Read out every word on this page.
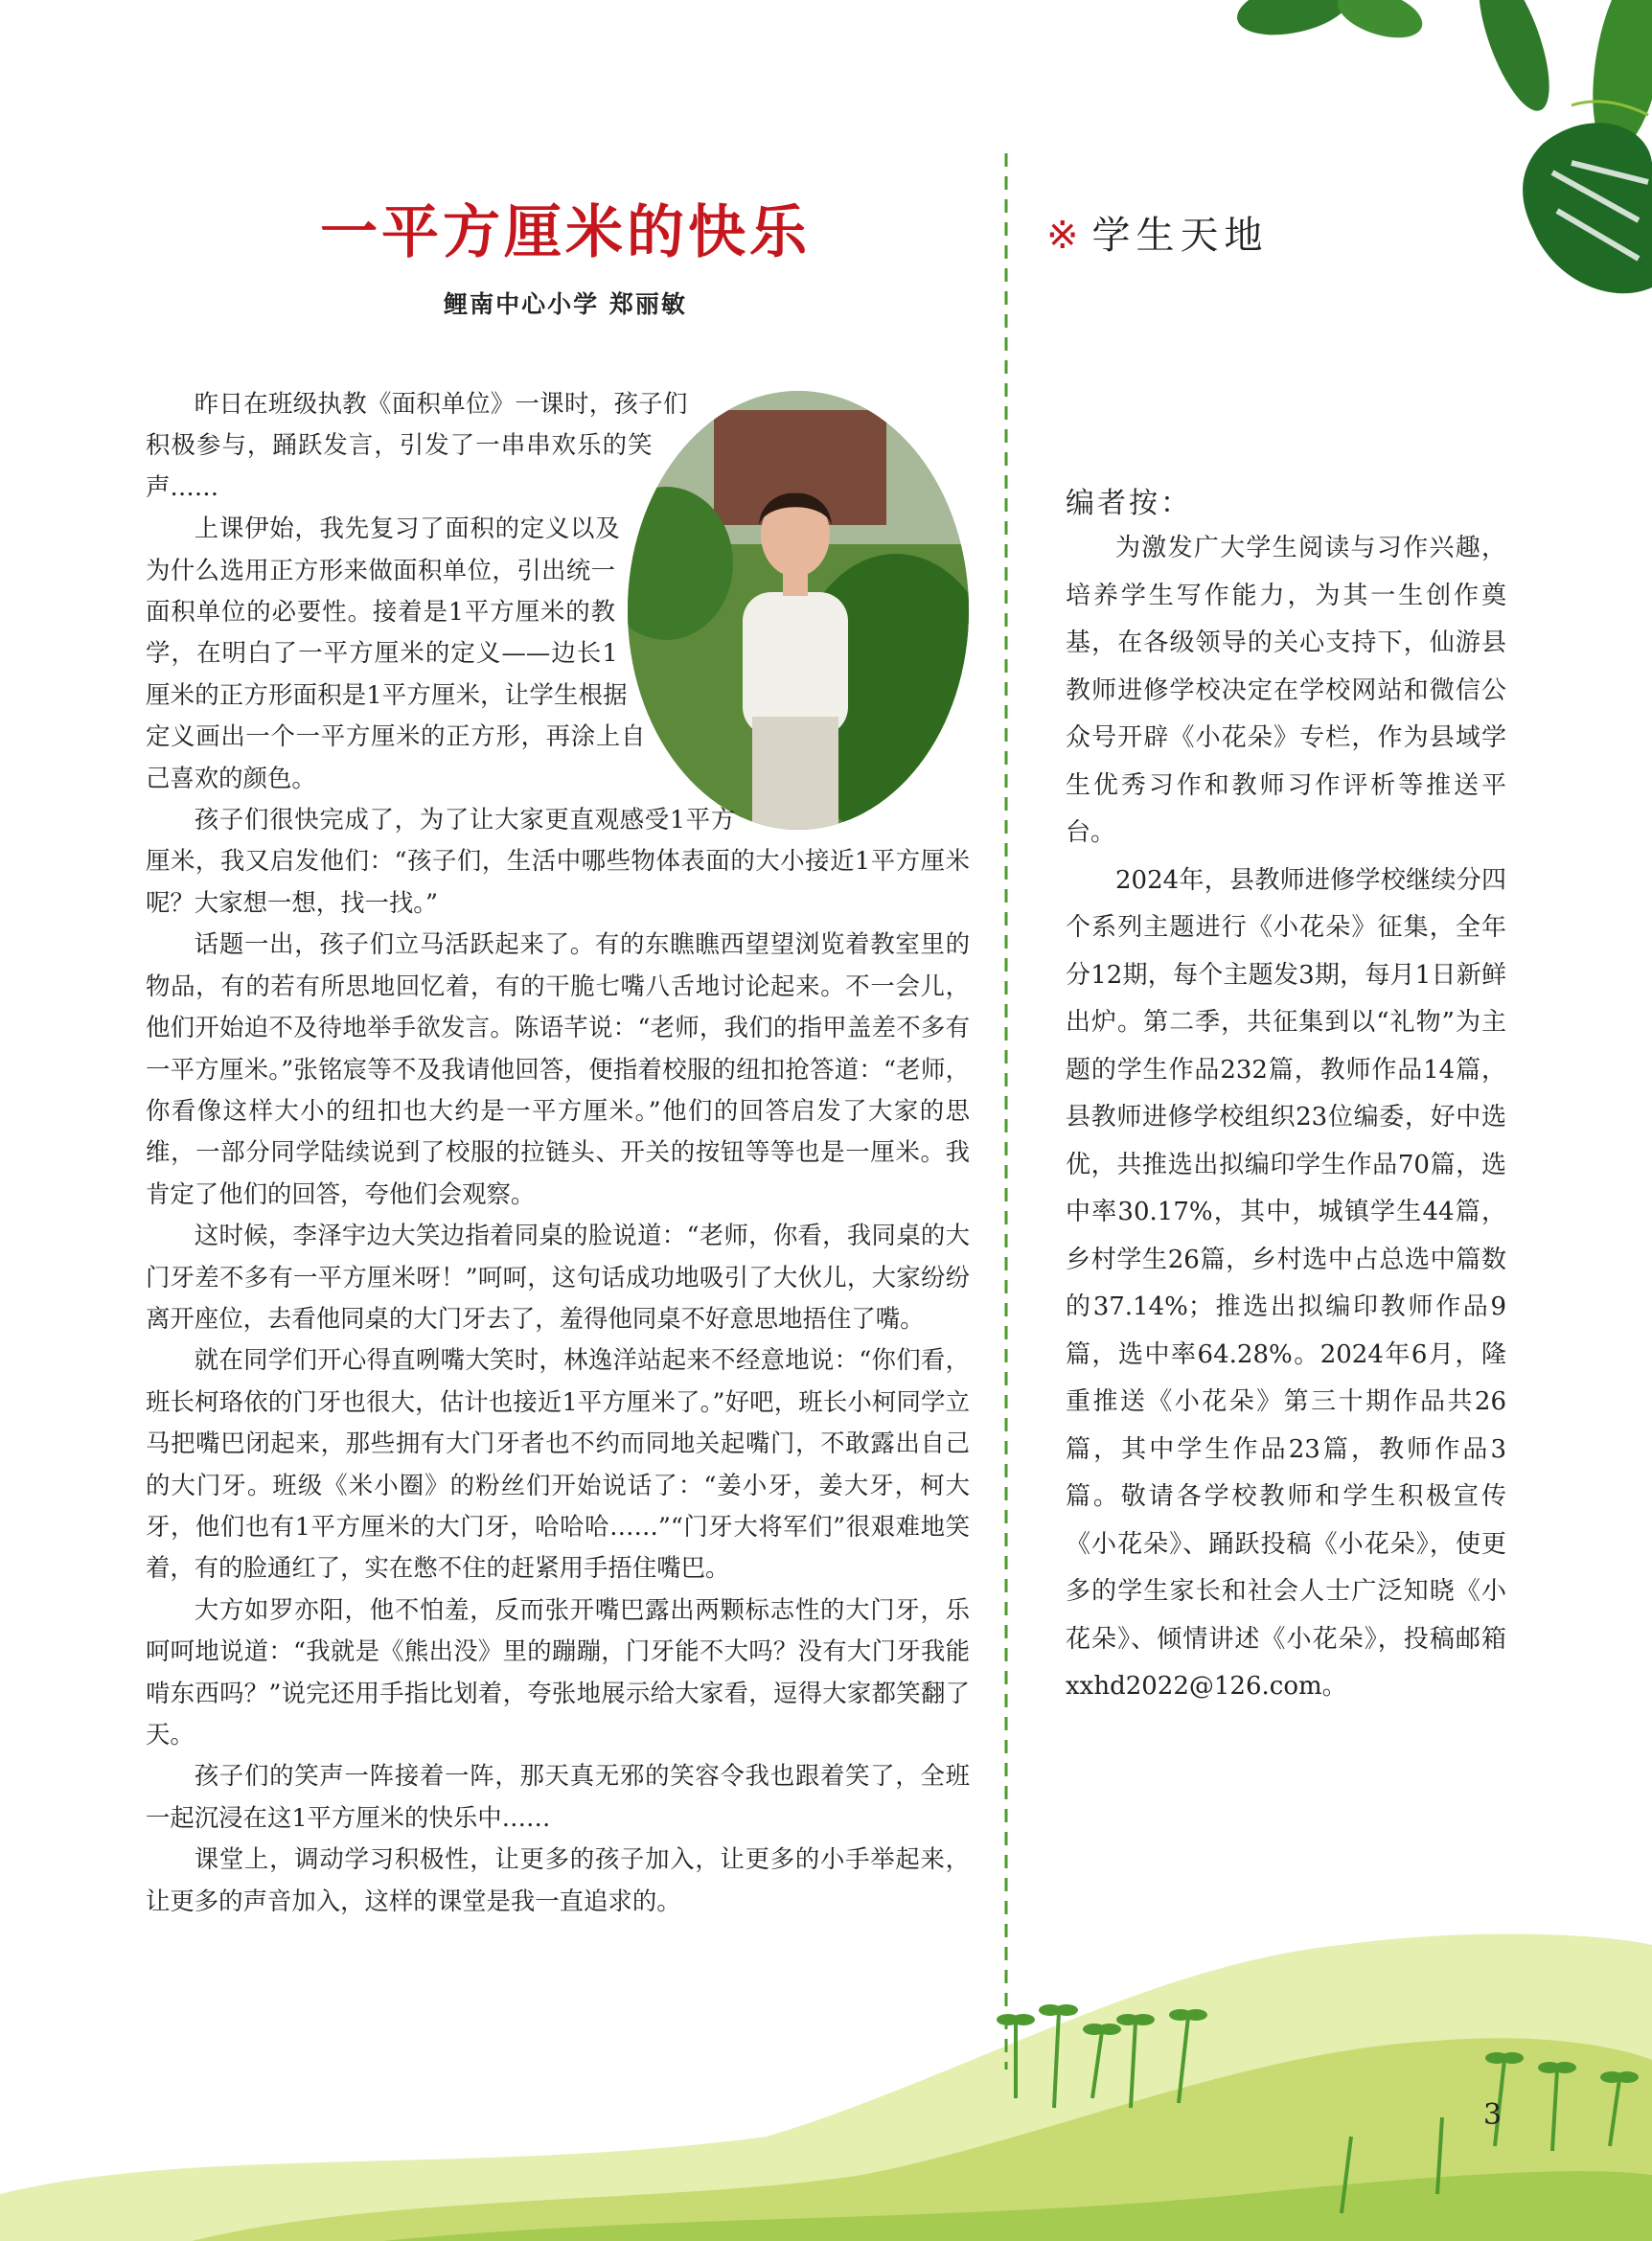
一平方厘米的快乐
鲤南中心小学 郑丽敏

昨日在班级执教《面积单位》一课时，孩子们积极参与，踊跃发言，引发了一串串欢乐的笑声……

上课伊始，我先复习了面积的定义以及为什么选用正方形来做面积单位，引出统一面积单位的必要性。接着是1平方厘米的教学，在明白了一平方厘米的定义——边长1厘米的正方形面积是1平方厘米，让学生根据定义画出一个一平方厘米的正方形，再涂上自己喜欢的颜色。

孩子们很快完成了，为了让大家更直观感受1平方厘米，我又启发他们：“孩子们，生活中哪些物体表面的大小接近1平方厘米呢？大家想一想，找一找。”

话题一出，孩子们立马活跃起来了。有的东瞧瞧西望望浏览着教室里的物品，有的若有所思地回忆着，有的干脆七嘴八舌地讨论起来。不一会儿，他们开始迫不及待地举手欲发言。陈语芊说：“老师，我们的指甲盖差不多有一平方厘米。”张铭宸等不及我请他回答，便指着校服的纽扣抢答道：“老师，你看像这样大小的纽扣也大约是一平方厘米。”他们的回答启发了大家的思维，一部分同学陆续说到了校服的拉链头、开关的按钮等等也是一厘米。我肯定了他们的回答，夸他们会观察。

这时候，李泽宇边大笑边指着同桌的脸说道：“老师，你看，我同桌的大门牙差不多有一平方厘米呀！”呵呵，这句话成功地吸引了大伙儿，大家纷纷离开座位，去看他同桌的大门牙去了，羞得他同桌不好意思地捂住了嘴。

就在同学们开心得直咧嘴大笑时，林逸洋站起来不经意地说：“你们看，班长柯珞依的门牙也很大，估计也接近1平方厘米了。”好吧，班长小柯同学立马把嘴巴闭起来，那些拥有大门牙者也不约而同地关起嘴门，不敢露出自己的大门牙。班级《米小圈》的粉丝们开始说话了：“姜小牙，姜大牙，柯大牙，他们也有1平方厘米的大门牙，哈哈哈……”“门牙大将军们”很艰难地笑着，有的脸通红了，实在憋不住的赶紧用手捂住嘴巴。

大方如罗亦阳，他不怕羞，反而张开嘴巴露出两颗标志性的大门牙，乐呵呵地说道：“我就是《熊出没》里的蹦蹦，门牙能不大吗？没有大门牙我能啃东西吗？”说完还用手指比划着，夸张地展示给大家看，逗得大家都笑翻了天。

孩子们的笑声一阵接着一阵，那天真无邪的笑容令我也跟着笑了，全班一起沉浸在这1平方厘米的快乐中……

课堂上，调动学习积极性，让更多的孩子加入，让更多的小手举起来，让更多的声音加入，这样的课堂是我一直追求的。

※ 学生天地
编者按：

为激发广大学生阅读与习作兴趣，培养学生写作能力，为其一生创作奠基，在各级领导的关心支持下，仙游县教师进修学校决定在学校网站和微信公众号开辟《小花朵》专栏，作为县域学生优秀习作和教师习作评析等推送平台。

2024年，县教师进修学校继续分四个系列主题进行《小花朵》征集，全年分12期，每个主题发3期，每月1日新鲜出炉。第二季，共征集到以“礼物”为主题的学生作品232篇，教师作品14篇，县教师进修学校组织23位编委，好中选优，共推选出拟编印学生作品70篇，选中率30.17%，其中，城镇学生44篇，乡村学生26篇，乡村选中占总选中篇数的37.14%；推选出拟编印教师作品9篇，选中率64.28%。2024年6月，隆重推送《小花朵》第三十期作品共26篇，其中学生作品23篇，教师作品3篇。敬请各学校教师和学生积极宣传《小花朵》、踊跃投稿《小花朵》，使更多的学生家长和社会人士广泛知晓《小花朵》、倾情讲述《小花朵》，投稿邮箱 xxhd2022@126.com。

3
